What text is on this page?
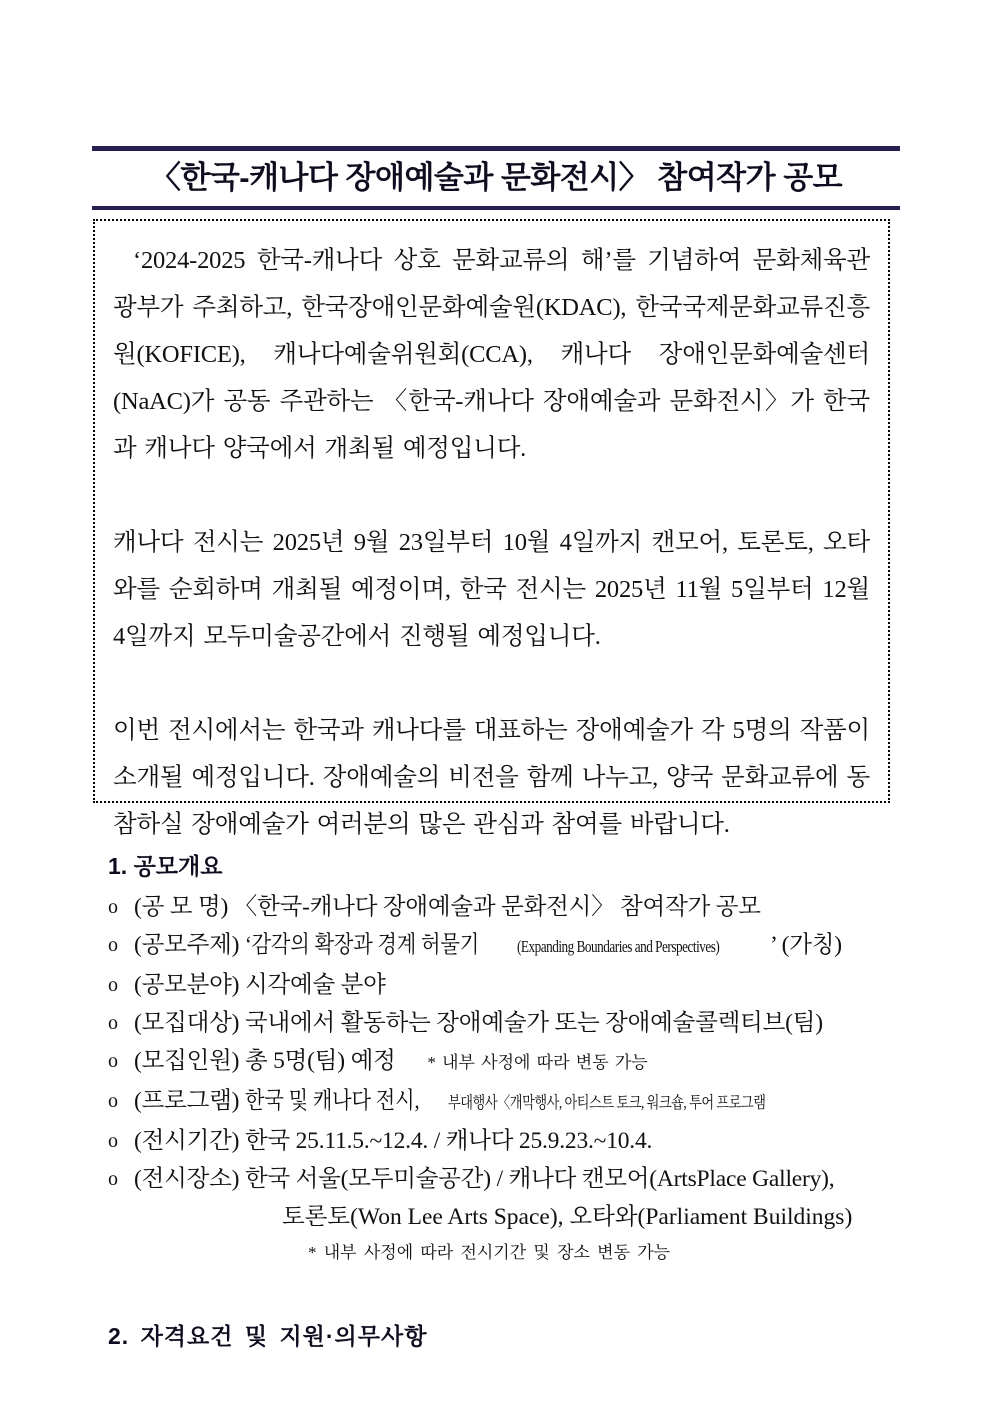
〈한국-캐나다 장애예술과 문화전시〉 참여작가 공모

‘2024-2025 한국-캐나다 상호 문화교류의 해’를 기념하여 문화체육관광부가 주최하고, 한국장애인문화예술원(KDAC), 한국국제문화교류진흥원(KOFICE), 캐나다예술위원회(CCA), 캐나다 장애인문화예술센터(NaAC)가 공동 주관하는 〈한국-캐나다 장애예술과 문화전시〉가 한국과 캐나다 양국에서 개최될 예정입니다.

캐나다 전시는 2025년 9월 23일부터 10월 4일까지 캔모어, 토론토, 오타와를 순회하며 개최될 예정이며, 한국 전시는 2025년 11월 5일부터 12월 4일까지 모두미술공간에서 진행될 예정입니다.

이번 전시에서는 한국과 캐나다를 대표하는 장애예술가 각 5명의 작품이 소개될 예정입니다. 장애예술의 비전을 함께 나누고, 양국 문화교류에 동참하실 장애예술가 여러분의 많은 관심과 참여를 바랍니다.

1. 공모개요
o (공 모 명) 〈한국-캐나다 장애예술과 문화전시〉 참여작가 공모
o (공모주제) ‘감각의 확장과 경계 허물기 (Expanding Boundaries and Perspectives) ’ (가칭)
o (공모분야) 시각예술 분야
o (모집대상) 국내에서 활동하는 장애예술가 또는 장애예술콜렉티브(팀)
o (모집인원) 총 5명(팀) 예정 * 내부 사정에 따라 변동 가능
o (프로그램) 한국 및 캐나다 전시, 부대행사〈개막행사, 아티스트 토크, 워크숍, 투어 프로그램
o (전시기간) 한국 25.11.5.~12.4. / 캐나다 25.9.23.~10.4.
o (전시장소) 한국 서울(모두미술공간) / 캐나다 캔모어(ArtsPlace Gallery),
토론토(Won Lee Arts Space), 오타와(Parliament Buildings)
* 내부 사정에 따라 전시기간 및 장소 변동 가능
2. 자격요건 및 지원·의무사항
